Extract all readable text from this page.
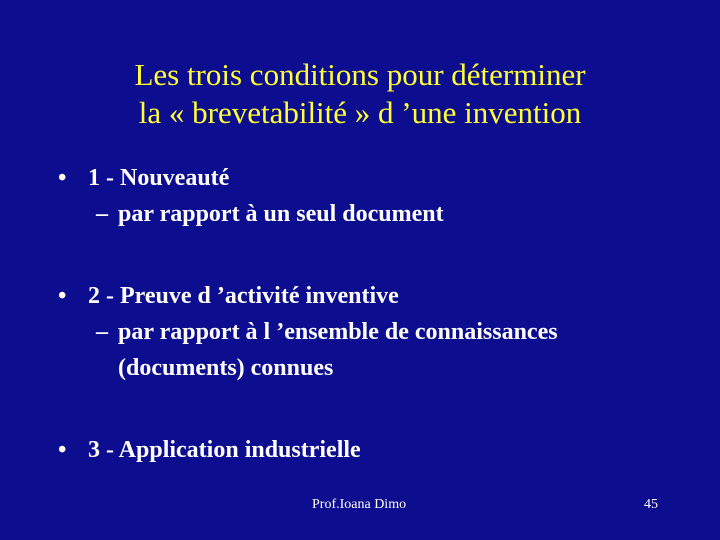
Les trois conditions pour déterminer
la « brevetabilité » d ’une invention
• 1 - Nouveauté
– par rapport à un seul document
• 2 - Preuve d ’activité inventive
– par rapport à l ’ensemble de connaissances
(documents) connues
• 3 - Application industrielle
Prof.Ioana Dimo	45
